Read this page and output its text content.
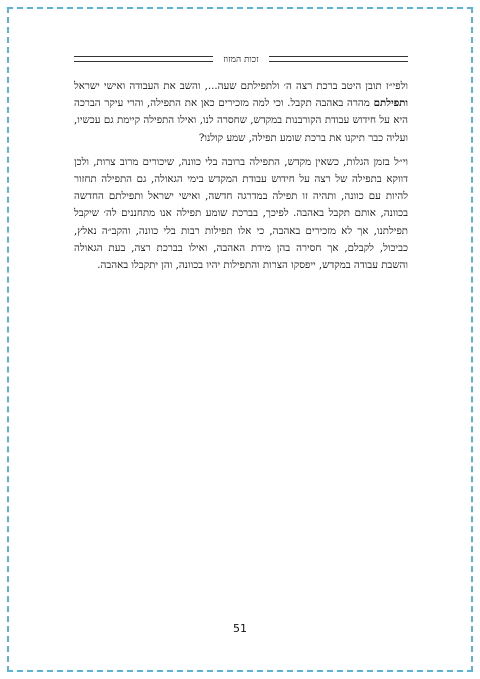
זכות המזוז

ולפי״ז תובן היטב ברכת רצה ה׳ ולתפילתם שעה..., והשב את העבודה ואישי ישראל ותפילתם מהרה באהבה תקבל. וכי למה מזכירים כאן את התפילה, והרי עיקר הברכה היא על חידוש עבודת הקורבנות במקדש, שחסרה לנו, ואילו התפילה קיימת גם עכשיו, ועליה כבר תיקנו את ברכת שומע תפילה, שמע קולנו?

וי״ל בזמן הגלות, כשאין מקדש, התפילה ברובה בלי כוונה, שיכורים מרוב צרות, ולכן דווקא בתפילה של רצה על חידוש עבודת המקדש בימי הגאולה, גם התפילה תחזור להיות עם כוונה, ותהיה זו תפילה במדרגה חדשה, ואישי ישראל ותפילתם החדשה בכוונה, אותם תקבל באהבה. לפיכך, בברכת שומע תפילה אנו מתחננים לה׳ שיקבל תפילתנו, אך לא מזכירים באהבה, כי אלו תפילות רבות בלי כוונה, והקב״ה נאלץ, כביכול, לקבלם, אך חסירה בהן מידת האהבה, ואילו בברכת רצה, בעת הגאולה והשבת עבודה במקדש, ייפסקו הצרות והתפילות יהיו בכוונה, והן יתקבלו באהבה.

51
